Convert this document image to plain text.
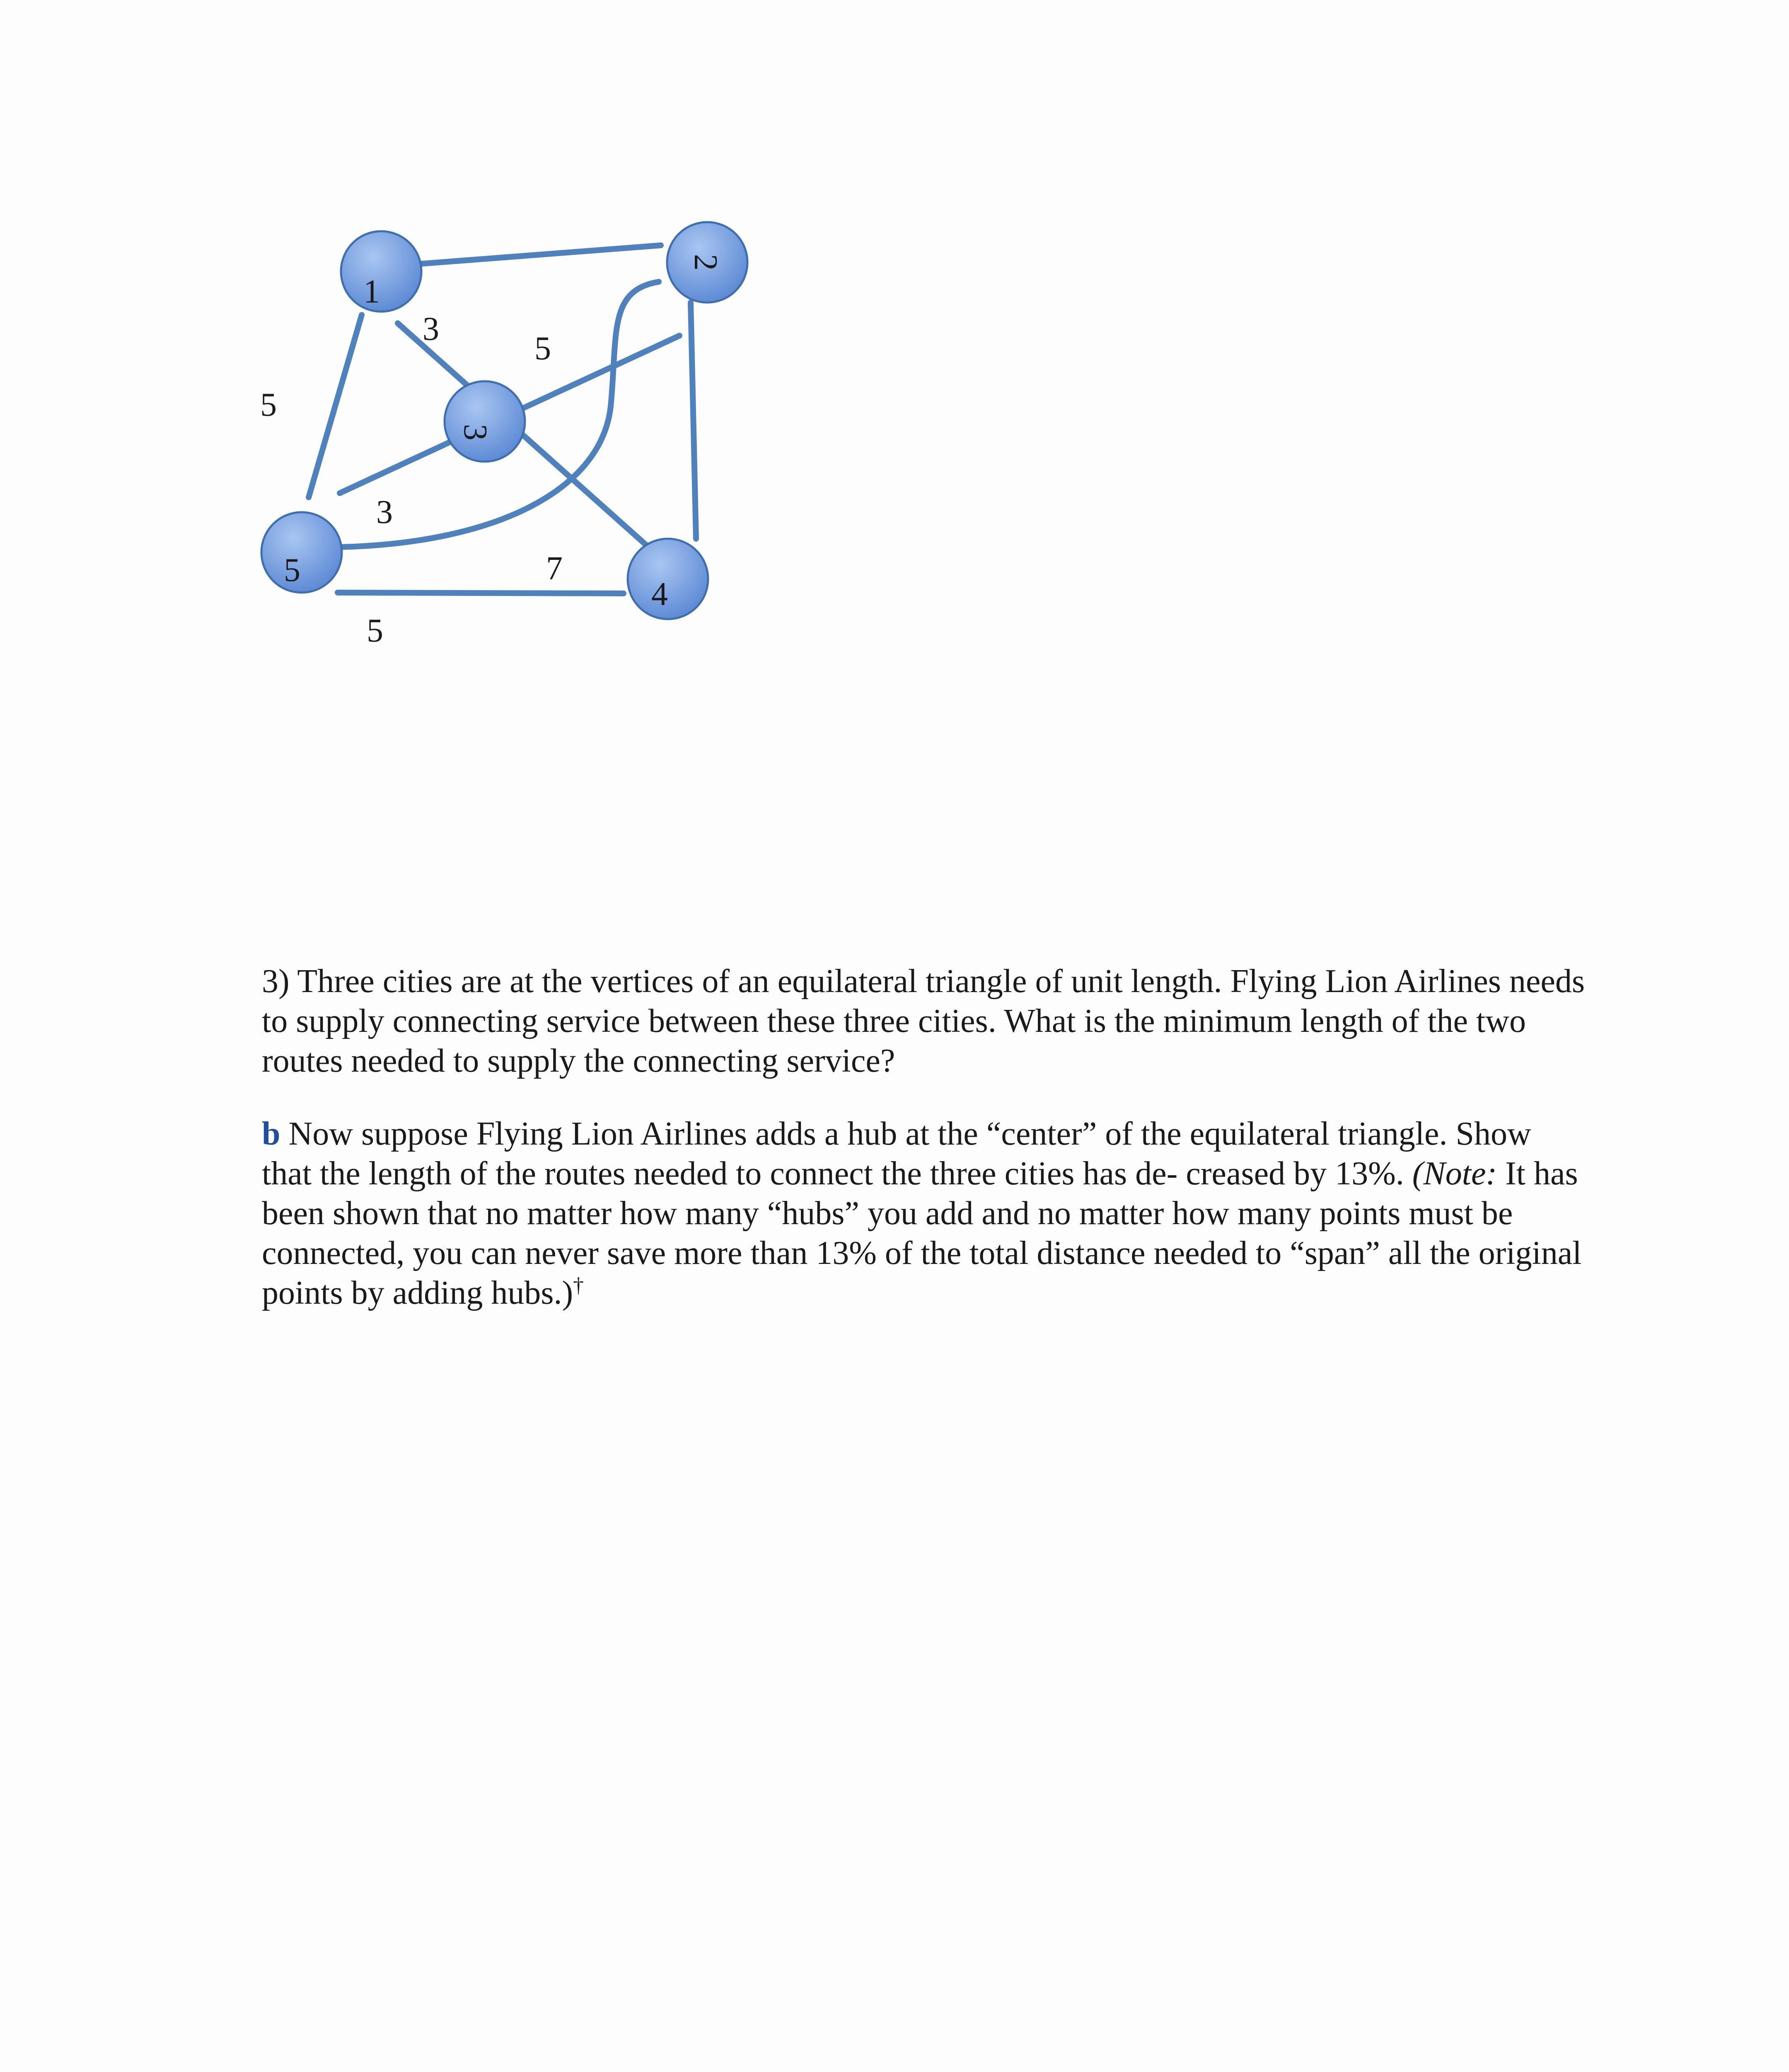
1
2
3
4
5
5
3
5
3
7
5

3) Three cities are at the vertices of an equilateral triangle of unit length. Flying Lion Airlines needs to supply connecting service between these three cities. What is the minimum length of the two routes needed to supply the connecting service?

b Now suppose Flying Lion Airlines adds a hub at the “center” of the equilateral triangle. Show that the length of the routes needed to connect the three cities has de- creased by 13%. (Note: It has been shown that no matter how many “hubs” you add and no matter how many points must be connected, you can never save more than 13% of the total distance needed to “span” all the original points by adding hubs.)†
